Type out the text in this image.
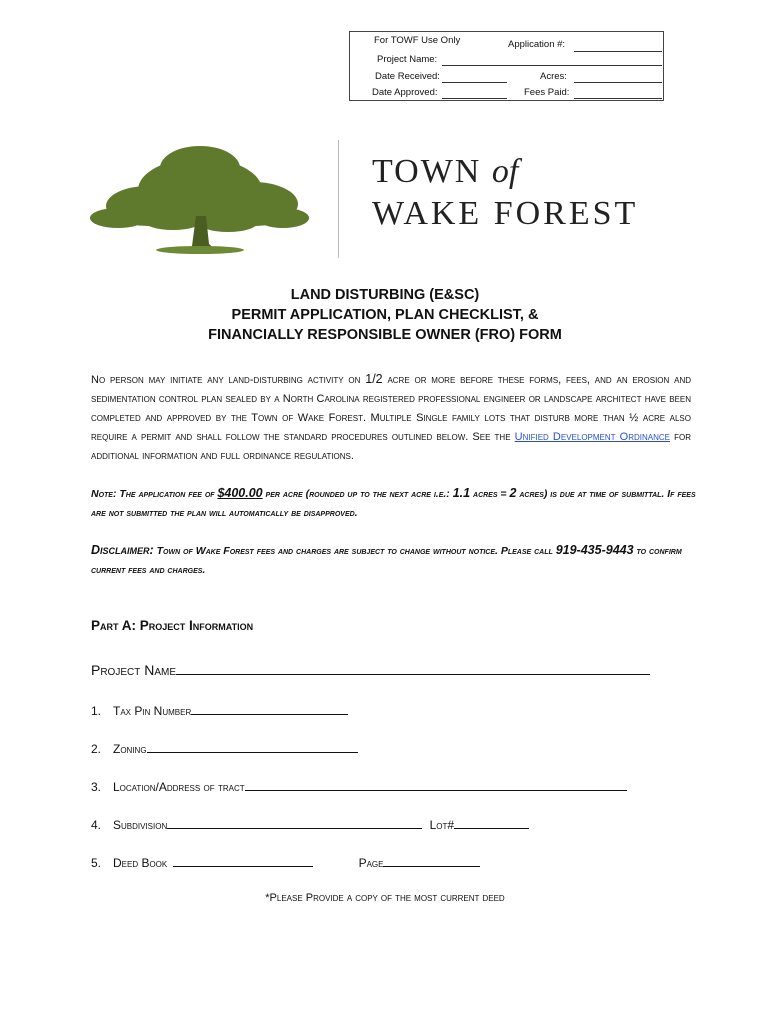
For TOWF Use Only	Application #:
Project Name:
Date Received:	Acres:
Date Approved:	Fees Paid:
TOWN of
WAKE FOREST
LAND DISTURBING (E&SC)
PERMIT APPLICATION, PLAN CHECKLIST, &
FINANCIALLY RESPONSIBLE OWNER (FRO) FORM
No person may initiate any land-disturbing activity on 1/2 acre or more before these forms, fees, and an erosion and sedimentation control plan sealed by a North Carolina registered professional engineer or landscape architect have been completed and approved by the Town of Wake Forest. Multiple Single family lots that disturb more than ½ acre also require a permit and shall follow the standard procedures outlined below. See the Unified Development Ordinance for additional information and full ordinance regulations.
Note: The application fee of $400.00 per acre (rounded up to the next acre i.e.: 1.1 acres = 2 acres) is due at time of submittal. If fees are not submitted the plan will automatically be disapproved.
Disclaimer: Town of Wake Forest fees and charges are subject to change without notice. Please call 919-435-9443 to confirm current fees and charges.
Part A: Project Information
Project Name
1. Tax Pin Number
2. Zoning
3. Location/Address of tract
4. Subdivision	Lot#
5. Deed Book	Page
*Please Provide a copy of the most current deed
